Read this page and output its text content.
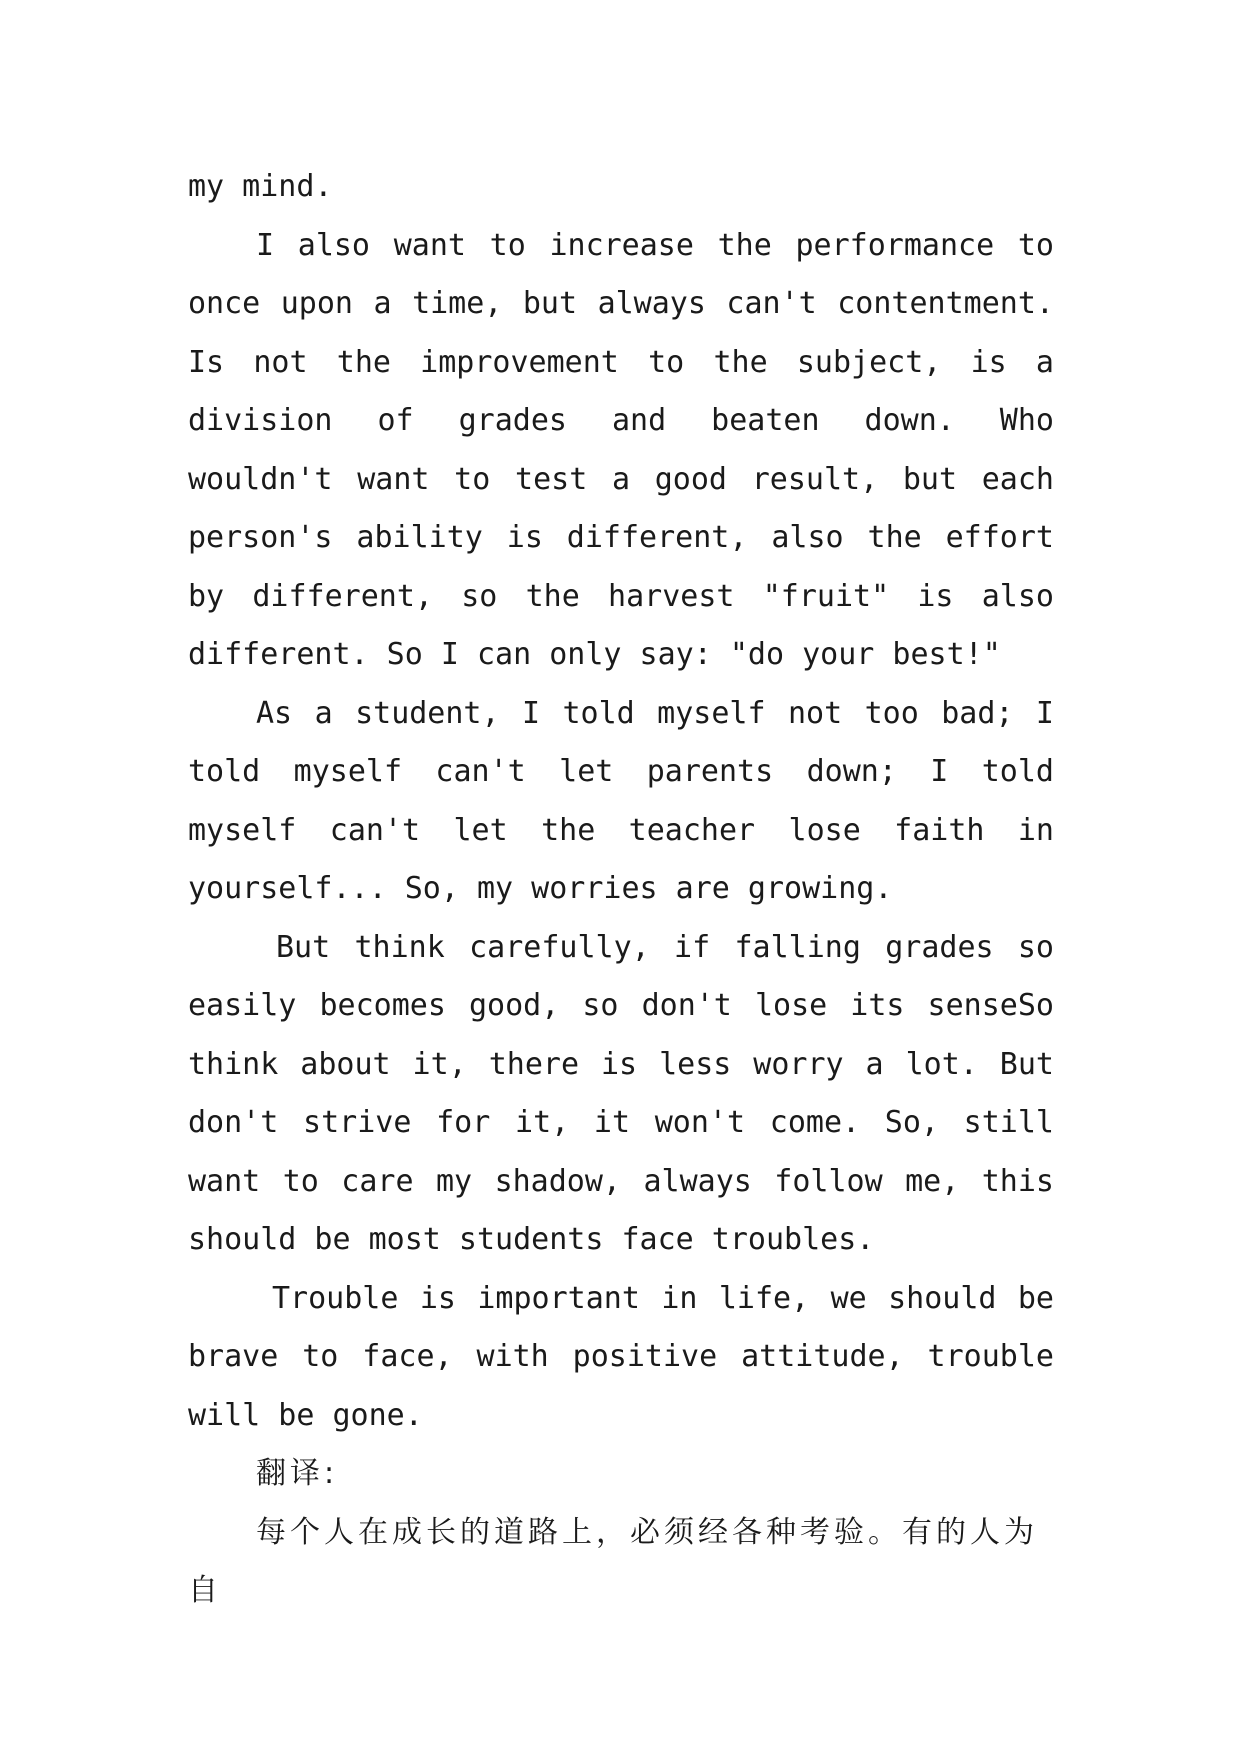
my mind.

I also want to increase the performance to once upon a time, but always can't contentment. Is not the improvement to the subject, is a division of grades and beaten down. Who wouldn't want to test a good result, but each person's ability is different, also the effort by different, so the harvest "fruit" is also different. So I can only say: "do your best!"

As a student, I told myself not too bad; I told myself can't let parents down; I told myself can't let the teacher lose faith in yourself... So, my worries are growing.

But think carefully, if falling grades so easily becomes good, so don't lose its senseSo think about it, there is less worry a lot. But don't strive for it, it won't come. So, still want to care my shadow, always follow me, this should be most students face troubles.

Trouble is important in life, we should be brave to face, with positive attitude, trouble will be gone.

翻译:

每个人在成长的道路上，必须经各种考验。有的人为自
